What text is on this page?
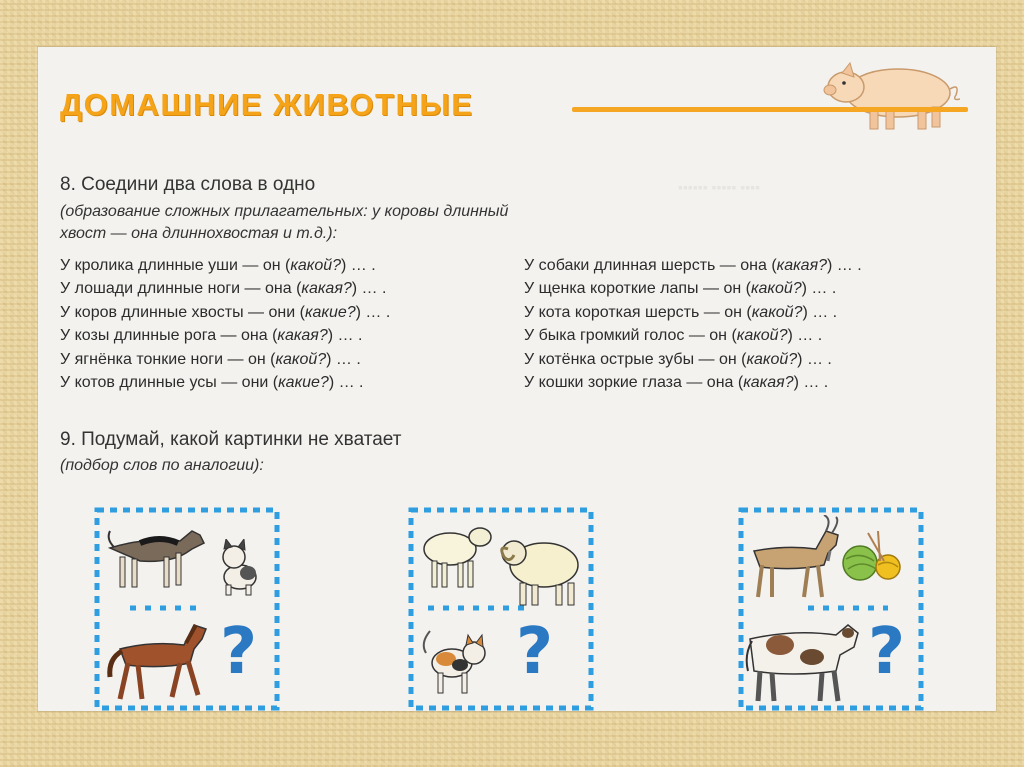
ДОМАШНИЕ ЖИВОТНЫЕ
▪▪▪▪▪▪ ▪▪▪▪▪ ▪▪▪▪
8. Соедини два слова в одно
(образование сложных прилагательных: у коровы длинный
хвост — она длиннохвостая и т.д.):
У кролика длинные уши — он (какой?) … .
У лошади длинные ноги — она (какая?) … .
У коров длинные хвосты — они (какие?) … .
У козы длинные рога — она (какая?) … .
У ягнёнка тонкие ноги — он (какой?) … .
У котов длинные усы — они (какие?) … .
У собаки длинная шерсть — она (какая?) … .
У щенка короткие лапы — он (какой?) … .
У кота короткая шерсть — он (какой?) … .
У быка громкий голос — он (какой?) … .
У котёнка острые зубы — он (какой?) … .
У кошки зоркие глаза — она (какая?) … .
9. Подумай, какой картинки не хватает
(подбор слов по аналогии):
?	?	?
